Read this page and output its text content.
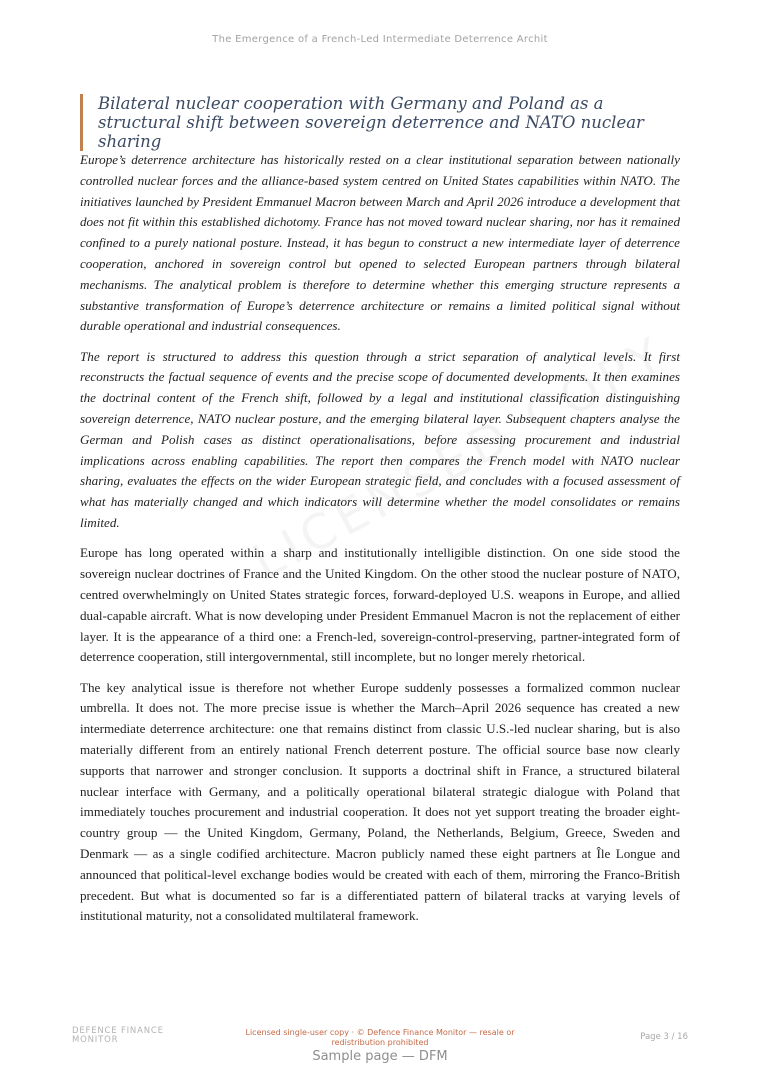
The Emergence of a French-Led Intermediate Deterrence Archit
Bilateral nuclear cooperation with Germany and Poland as a structural shift between sovereign deterrence and NATO nuclear sharing

Europe’s deterrence architecture has historically rested on a clear institutional separation between nationally controlled nuclear forces and the alliance-based system centred on United States capabilities within NATO. The initiatives launched by President Emmanuel Macron between March and April 2026 introduce a development that does not fit within this established dichotomy. France has not moved toward nuclear sharing, nor has it remained confined to a purely national posture. Instead, it has begun to construct a new intermediate layer of deterrence cooperation, anchored in sovereign control but opened to selected European partners through bilateral mechanisms. The analytical problem is therefore to determine whether this emerging structure represents a substantive transformation of Europe’s deterrence architecture or remains a limited political signal without durable operational and industrial consequences.

The report is structured to address this question through a strict separation of analytical levels. It first reconstructs the factual sequence of events and the precise scope of documented developments. It then examines the doctrinal content of the French shift, followed by a legal and institutional classification distinguishing sovereign deterrence, NATO nuclear posture, and the emerging bilateral layer. Subsequent chapters analyse the German and Polish cases as distinct operationalisations, before assessing procurement and industrial implications across enabling capabilities. The report then compares the French model with NATO nuclear sharing, evaluates the effects on the wider European strategic field, and concludes with a focused assessment of what has materially changed and which indicators will determine whether the model consolidates or remains limited.

Europe has long operated within a sharp and institutionally intelligible distinction. On one side stood the sovereign nuclear doctrines of France and the United Kingdom. On the other stood the nuclear posture of NATO, centred overwhelmingly on United States strategic forces, forward-deployed U.S. weapons in Europe, and allied dual-capable aircraft. What is now developing under President Emmanuel Macron is not the replacement of either layer. It is the appearance of a third one: a French-led, sovereign-control-preserving, partner-integrated form of deterrence cooperation, still intergovernmental, still incomplete, but no longer merely rhetorical.

The key analytical issue is therefore not whether Europe suddenly possesses a formalized common nuclear umbrella. It does not. The more precise issue is whether the March–April 2026 sequence has created a new intermediate deterrence architecture: one that remains distinct from classic U.S.-led nuclear sharing, but is also materially different from an entirely national French deterrent posture. The official source base now clearly supports that narrower and stronger conclusion. It supports a doctrinal shift in France, a structured bilateral nuclear interface with Germany, and a politically operational bilateral strategic dialogue with Poland that immediately touches procurement and industrial cooperation. It does not yet support treating the broader eight-country group — the United Kingdom, Germany, Poland, the Netherlands, Belgium, Greece, Sweden and Denmark — as a single codified architecture. Macron publicly named these eight partners at Île Longue and announced that political-level exchange bodies would be created with each of them, mirroring the Franco-British precedent. But what is documented so far is a differentiated pattern of bilateral tracks at varying levels of institutional maturity, not a consolidated multilateral framework.

DEFENCE FINANCE
MONITOR
Licensed single-user copy · © Defence Finance Monitor — resale or redistribution prohibited
Page 3 / 16
Sample page — DFM
